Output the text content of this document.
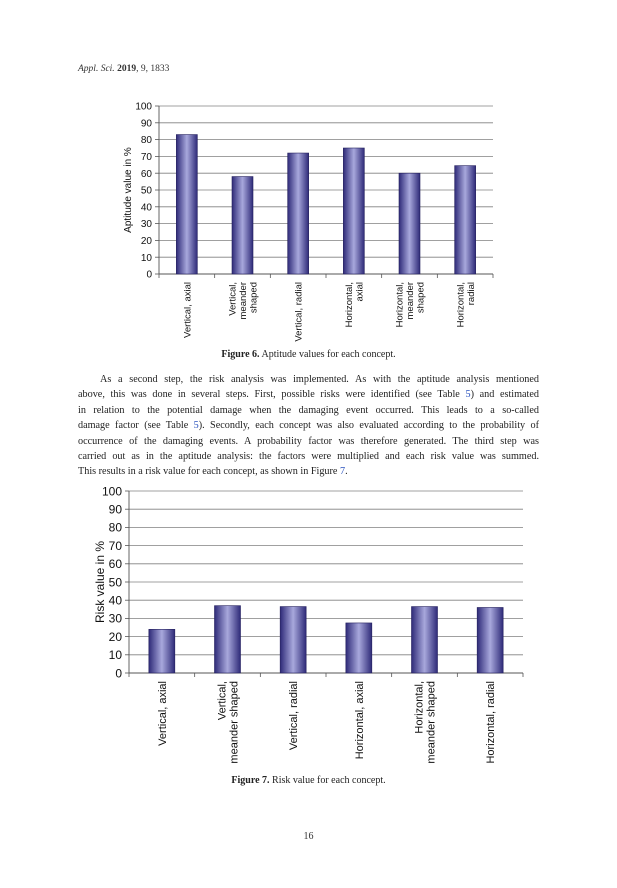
Appl. Sci. 2019, 9, 1833
0
10
20
30
40
50
60
70
80
90
100
Vertical, axial	Vertical,meandershaped	Vertical, radial	Horizontal,axial	Horizontal,meandershaped	Horizontal,radial
Aptitude value in %
Figure 6. Aptitude values for each concept.
As a second step, the risk analysis was implemented. As with the aptitude analysis mentioned
above, this was done in several steps. First, possible risks were identified (see Table 5) and estimated
in relation to the potential damage when the damaging event occurred. This leads to a so-called
damage factor (see Table 5). Secondly, each concept was also evaluated according to the probability of
occurrence of the damaging events. A probability factor was therefore generated. The third step was
carried out as in the aptitude analysis: the factors were multiplied and each risk value was summed.
This results in a risk value for each concept, as shown in Figure 7.
0
10
20
30
40
50
60
70
80
90
100
Vertical, axial	Vertical,meander shaped	Vertical, radial	Horizontal, axial	Horizontal,meander shaped	Horizontal, radial
Risk value in %
Figure 7. Risk value for each concept.
16
